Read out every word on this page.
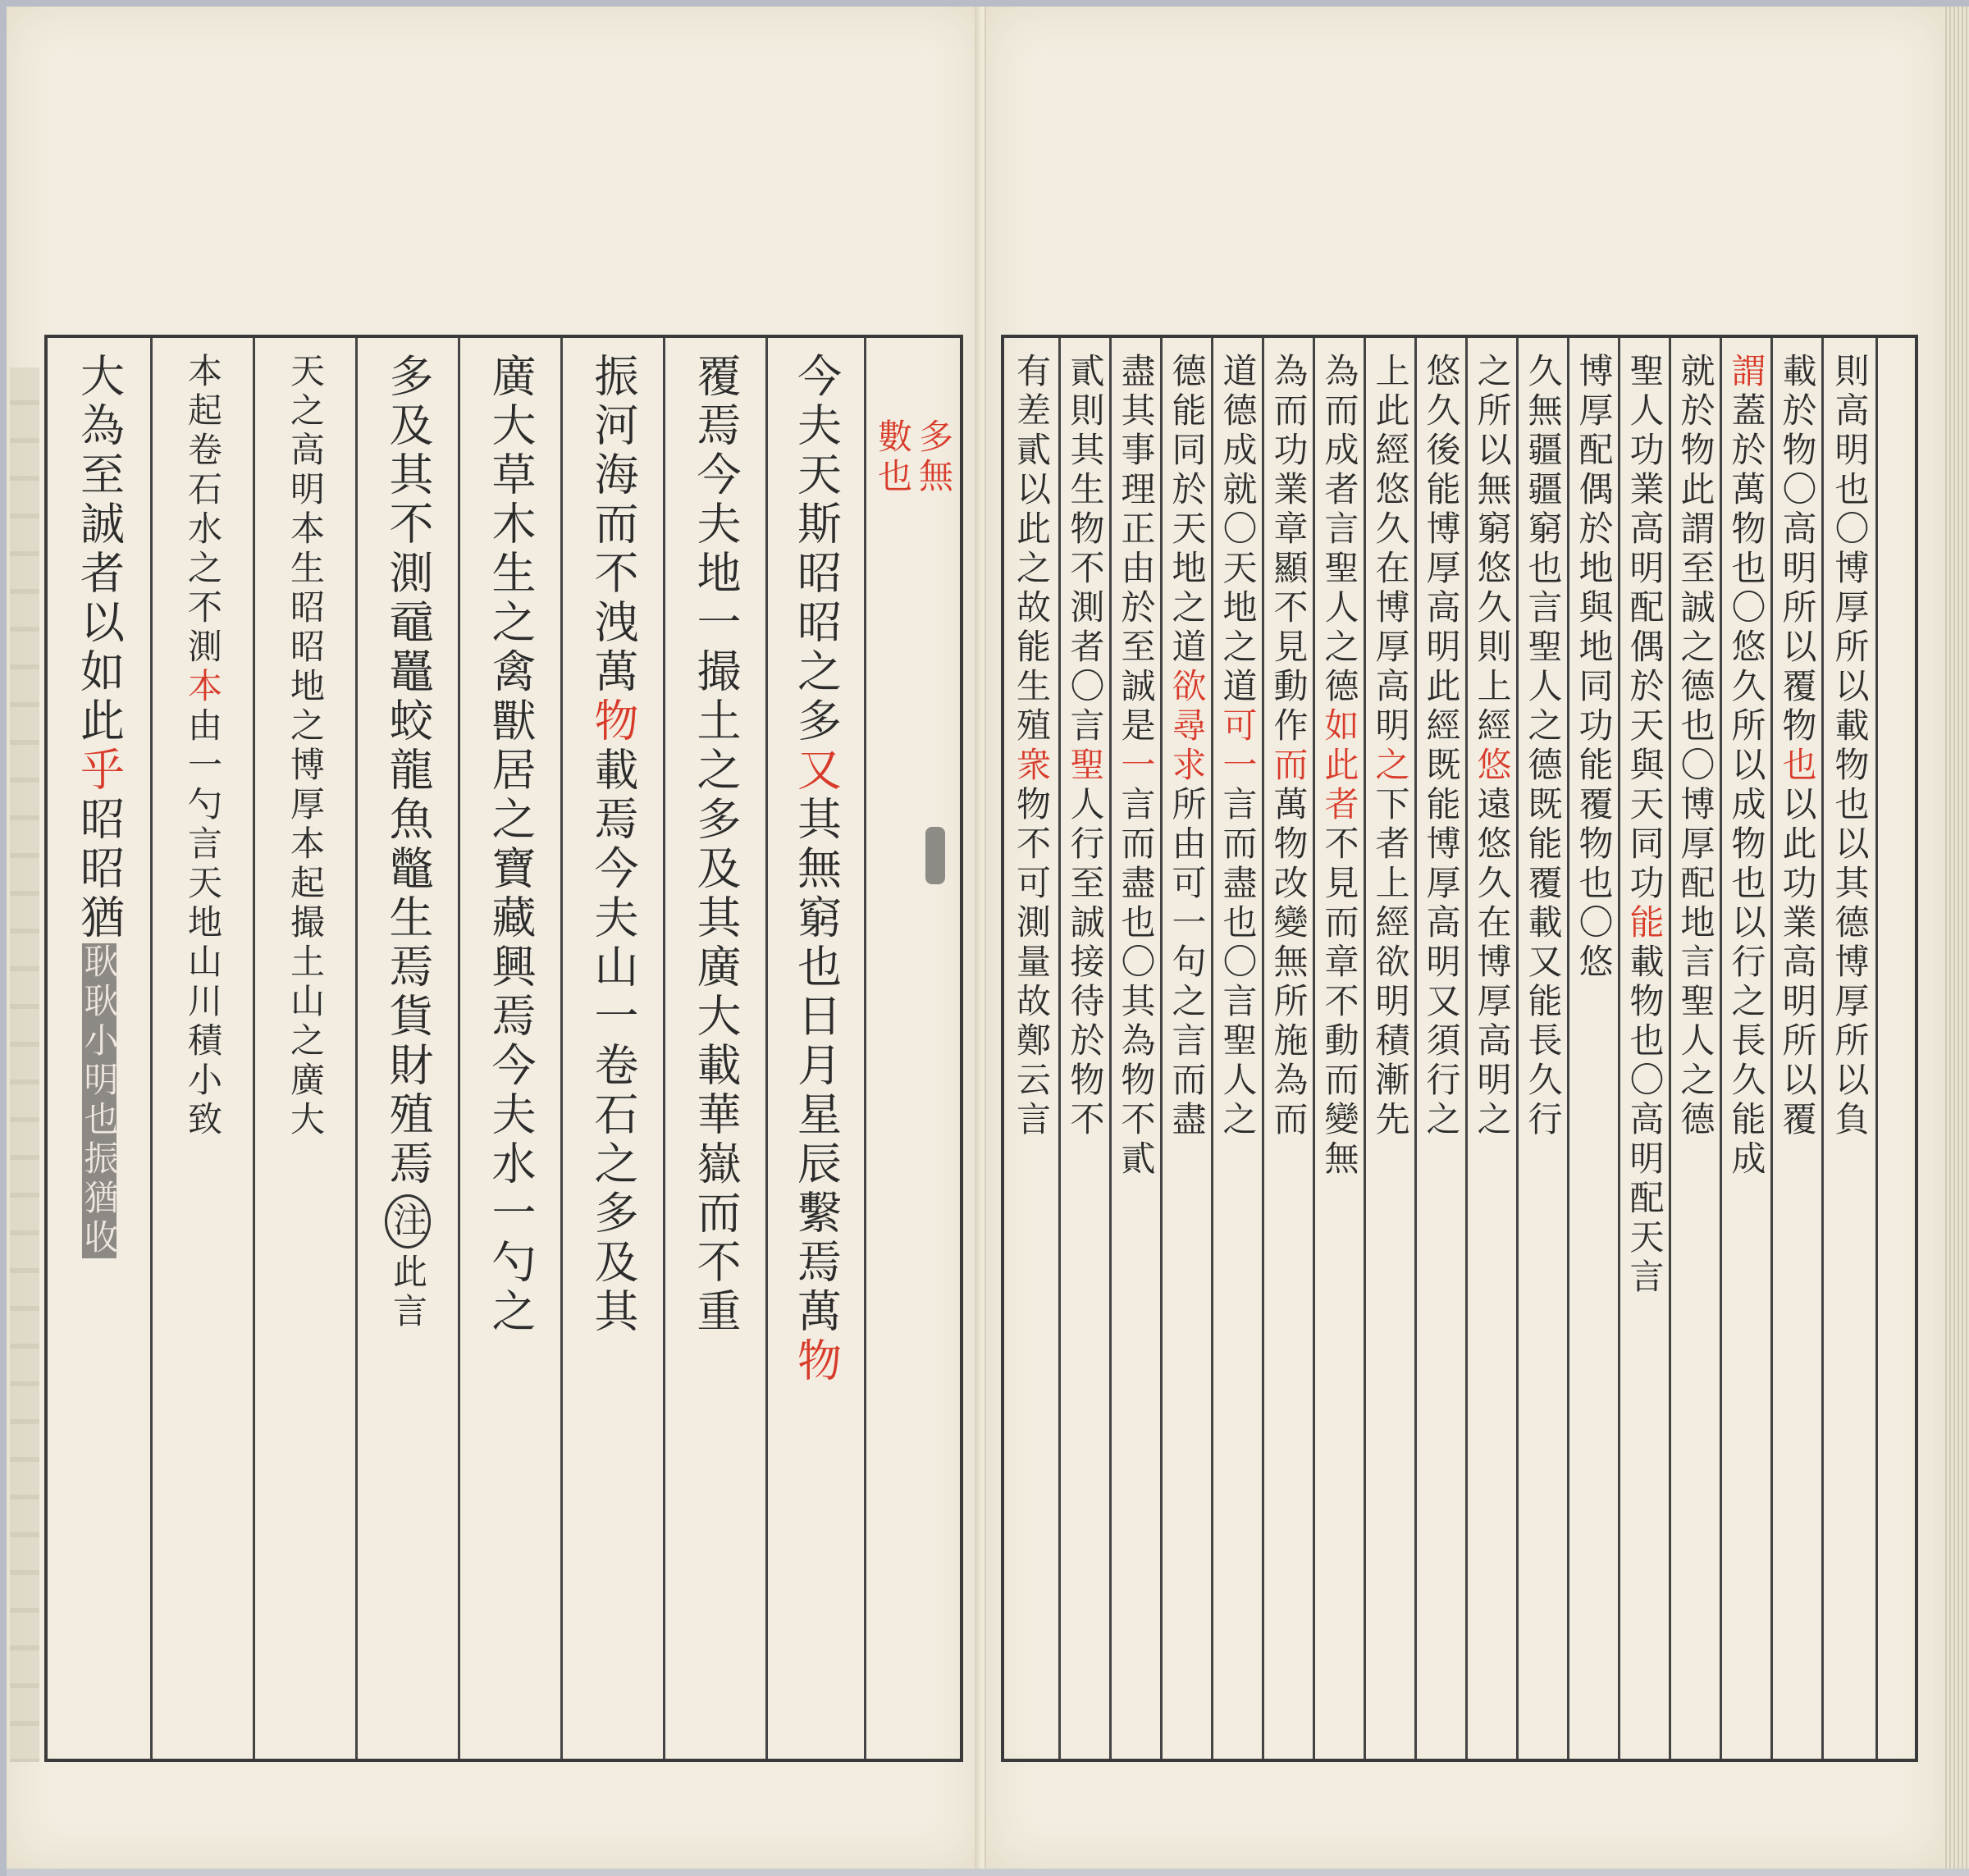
大為至誠者以如此
乎
昭昭猶
耿耿小明也振猶收
本起卷石水之不測
本
由一勺言天地山川積小致 天之高明本生昭昭地之博厚本起撮土山之廣大 多及其不測黿鼉蛟龍魚鼈生焉貨財殖焉
注
此言 廣大草木生之禽獸居之寶藏興焉今夫水一勺之 振河海而不洩萬
物
載焉今夫山一卷石之多及其 覆焉今夫地一撮土之多及其廣大載華嶽而不重 今夫天斯昭昭之多
又
其無窮也日月星辰繫焉萬
物
多無
數也	有差貳以此之故能生殖
衆
物不可測量故鄭云言
貳則其生物不測者〇言
聖
人行至誠接待於物不
盡其事理正由於至誠是
一
言而盡也〇其為物不貳
德能同於天地之道
欲尋求
所由可一句之言而盡
道德成就〇天地之道
可一
言而盡也〇言聖人之
為而功業章顯不見動作
而
萬物改變無所施為而
為而成者言聖人之德
如此者
不見而章不動而變無
上此經悠久在博厚高明
之
下者上經欲明積漸先 悠久後能博厚高明此經既能博厚高明又須行之 之所以無窮悠久則上經
悠
遠悠久在博厚高明之 久無疆疆窮也言聖人之德既能覆載又能長久行 博厚配偶於地與地同功能覆物也〇悠 聖人功業高明配偶於天與天同功
能
載物也〇高明配天言 就於物此謂至誠之德也〇博厚配地言聖人之德 謂
蓋於萬物也〇悠久所以成物也以行之長久能成 載於物〇高明所以覆物
也
以此功業高明所以覆 則高明也〇博厚所以載物也以其德博厚所以負
